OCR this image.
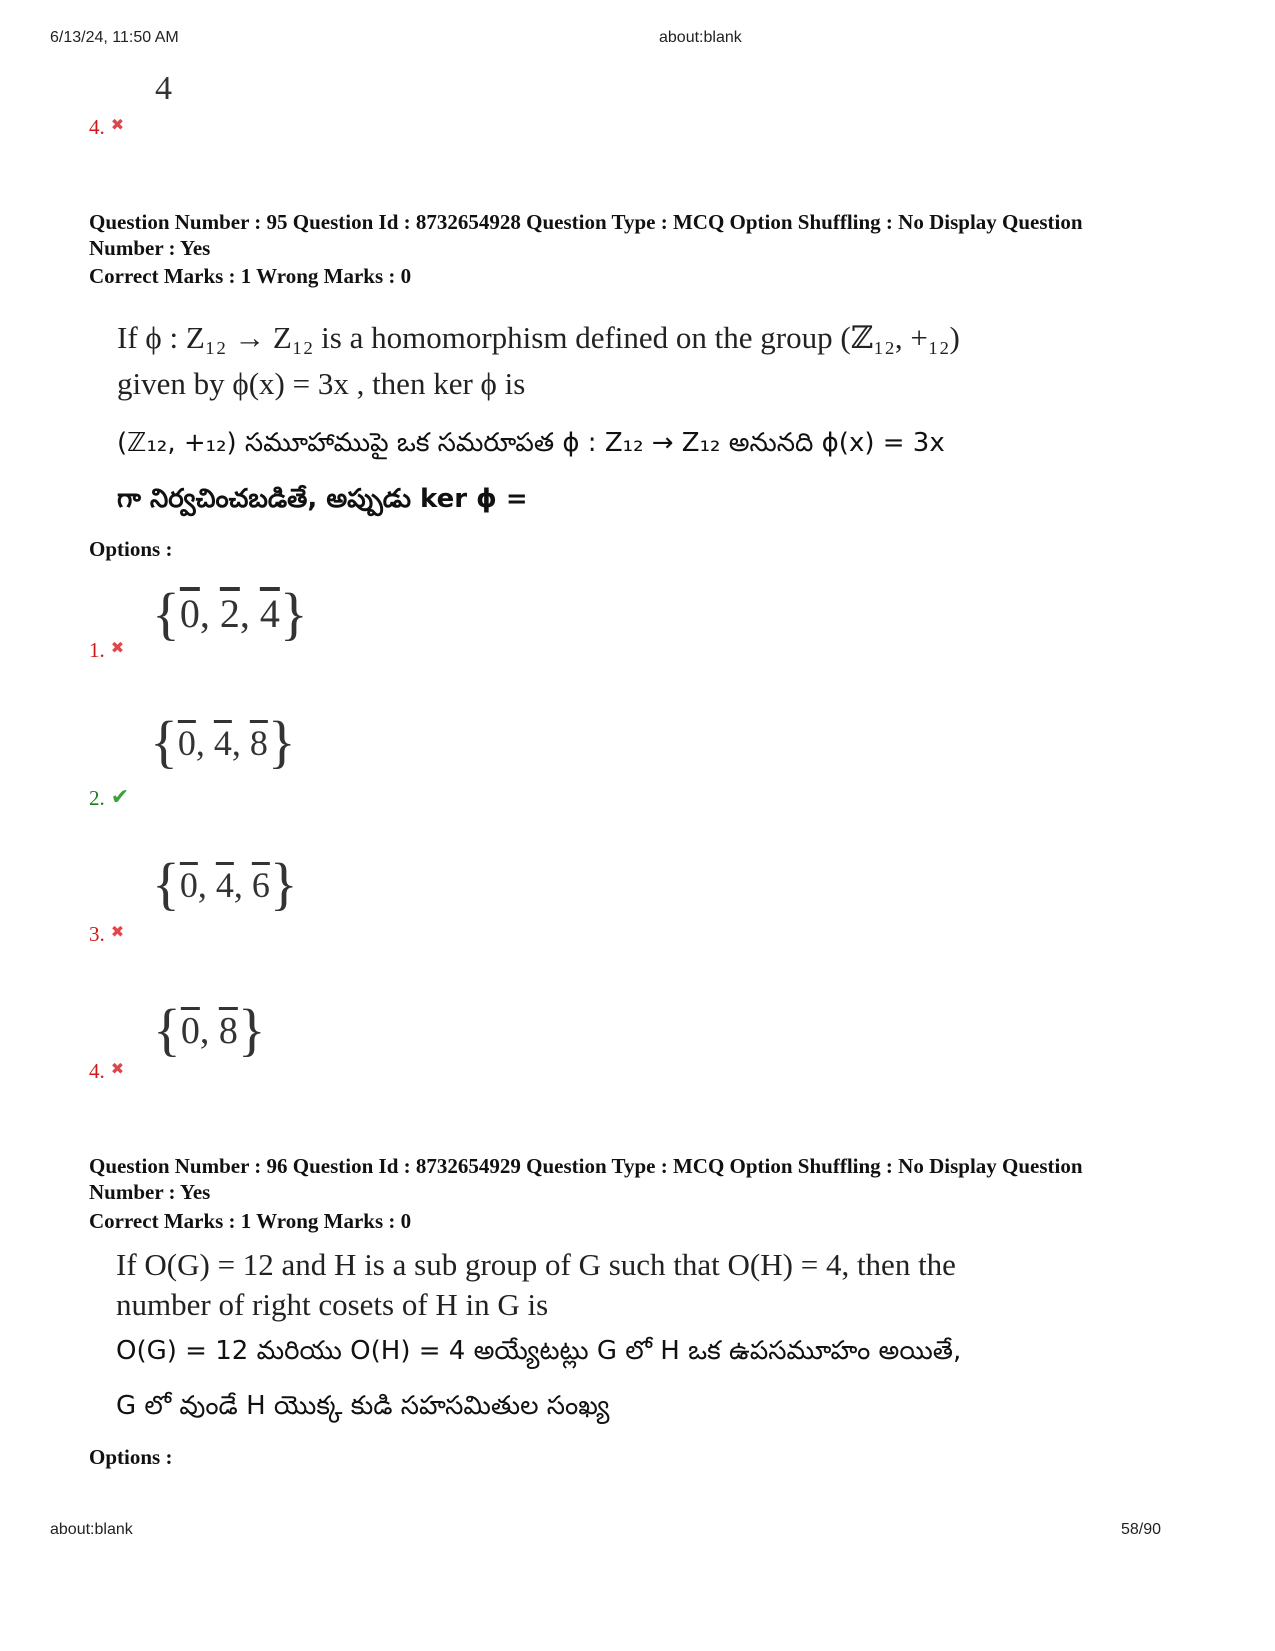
6/13/24, 11:50 AM	about:blank
4
4. ✖
Question Number : 95 Question Id : 8732654928 Question Type : MCQ Option Shuffling : No Display Question
Number : Yes
Correct Marks : 1 Wrong Marks : 0
If ϕ : Z₁₂ → Z₁₂ is a homomorphism defined on the group (ℤ₁₂, +₁₂)
given by ϕ(x) = 3x , then ker ϕ is
(ℤ₁₂, +₁₂) సమూహాముపై ఒక సమరూపత ϕ : Z₁₂ → Z₁₂ అనునది ϕ(x) = 3x
గా నిర్వచించబడితే, అప్పుడు ker ϕ =
Options :
{0, 2, 4}
1. ✖
{0, 4, 8}
2. ✔
{0, 4, 6}
3. ✖
{0, 8}
4. ✖
Question Number : 96 Question Id : 8732654929 Question Type : MCQ Option Shuffling : No Display Question
Number : Yes
Correct Marks : 1 Wrong Marks : 0
If O(G) = 12 and H is a sub group of G such that O(H) = 4, then the
number of right cosets of H in G is
O(G) = 12 మరియు O(H) = 4 అయ్యేటట్లు G లో H ఒక ఉపసమూహం అయితే,
G లో వుండే H యొక్క కుడి సహసమితుల సంఖ్య
Options :
about:blank	58/90
